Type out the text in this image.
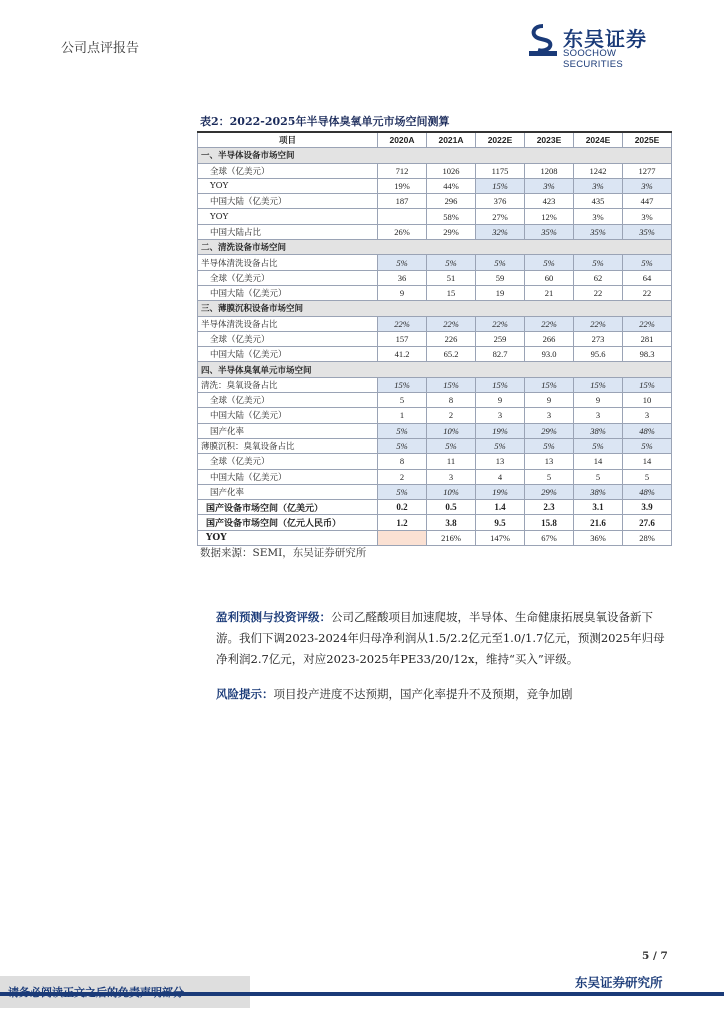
公司点评报告	东吴证券
SOOCHOW SECURITIES
表2：2022-2025年半导体臭氧单元市场空间测算
项目	2020A	2021A	2022E	2023E	2024E	2025E
一、半导体设备市场空间						
全球（亿美元）	712	1026	1175	1208	1242	1277
YOY	19%	44%	15%	3%	3%	3%
中国大陆（亿美元）	187	296	376	423	435	447
YOY		58%	27%	12%	3%	3%
中国大陆占比	26%	29%	32%	35%	35%	35%
二、清洗设备市场空间						
半导体清洗设备占比	5%	5%	5%	5%	5%	5%
全球（亿美元）	36	51	59	60	62	64
中国大陆（亿美元）	9	15	19	21	22	22
三、薄膜沉积设备市场空间						
半导体清洗设备占比	22%	22%	22%	22%	22%	22%
全球（亿美元）	157	226	259	266	273	281
中国大陆（亿美元）	41.2	65.2	82.7	93.0	95.6	98.3
四、半导体臭氧单元市场空间						
清洗：臭氧设备占比	15%	15%	15%	15%	15%	15%
全球（亿美元）	5	8	9	9	9	10
中国大陆（亿美元）	1	2	3	3	3	3
国产化率	5%	10%	19%	29%	38%	48%
薄膜沉积：臭氧设备占比	5%	5%	5%	5%	5%	5%
全球（亿美元）	8	11	13	13	14	14
中国大陆（亿美元）	2	3	4	5	5	5
国产化率	5%	10%	19%	29%	38%	48%
国产设备市场空间（亿美元）	0.2	0.5	1.4	2.3	3.1	3.9
国产设备市场空间（亿元人民币）	1.2	3.8	9.5	15.8	21.6	27.6
YOY		216%	147%	67%	36%	28%
数据来源：SEMI，东吴证券研究所
盈利预测与投资评级：公司乙醛酸项目加速爬坡，半导体、生命健康拓展臭氧设备新下游。我们下调2023-2024年归母净利润从1.5/2.2亿元至1.0/1.7亿元，预测2025年归母净利润2.7亿元，对应2023-2025年PE33/20/12x，维持“买入”评级。
风险提示：项目投产进度不达预期，国产化率提升不及预期，竞争加剧
5 / 7
东吴证券研究所
请务必阅读正文之后的免责声明部分
